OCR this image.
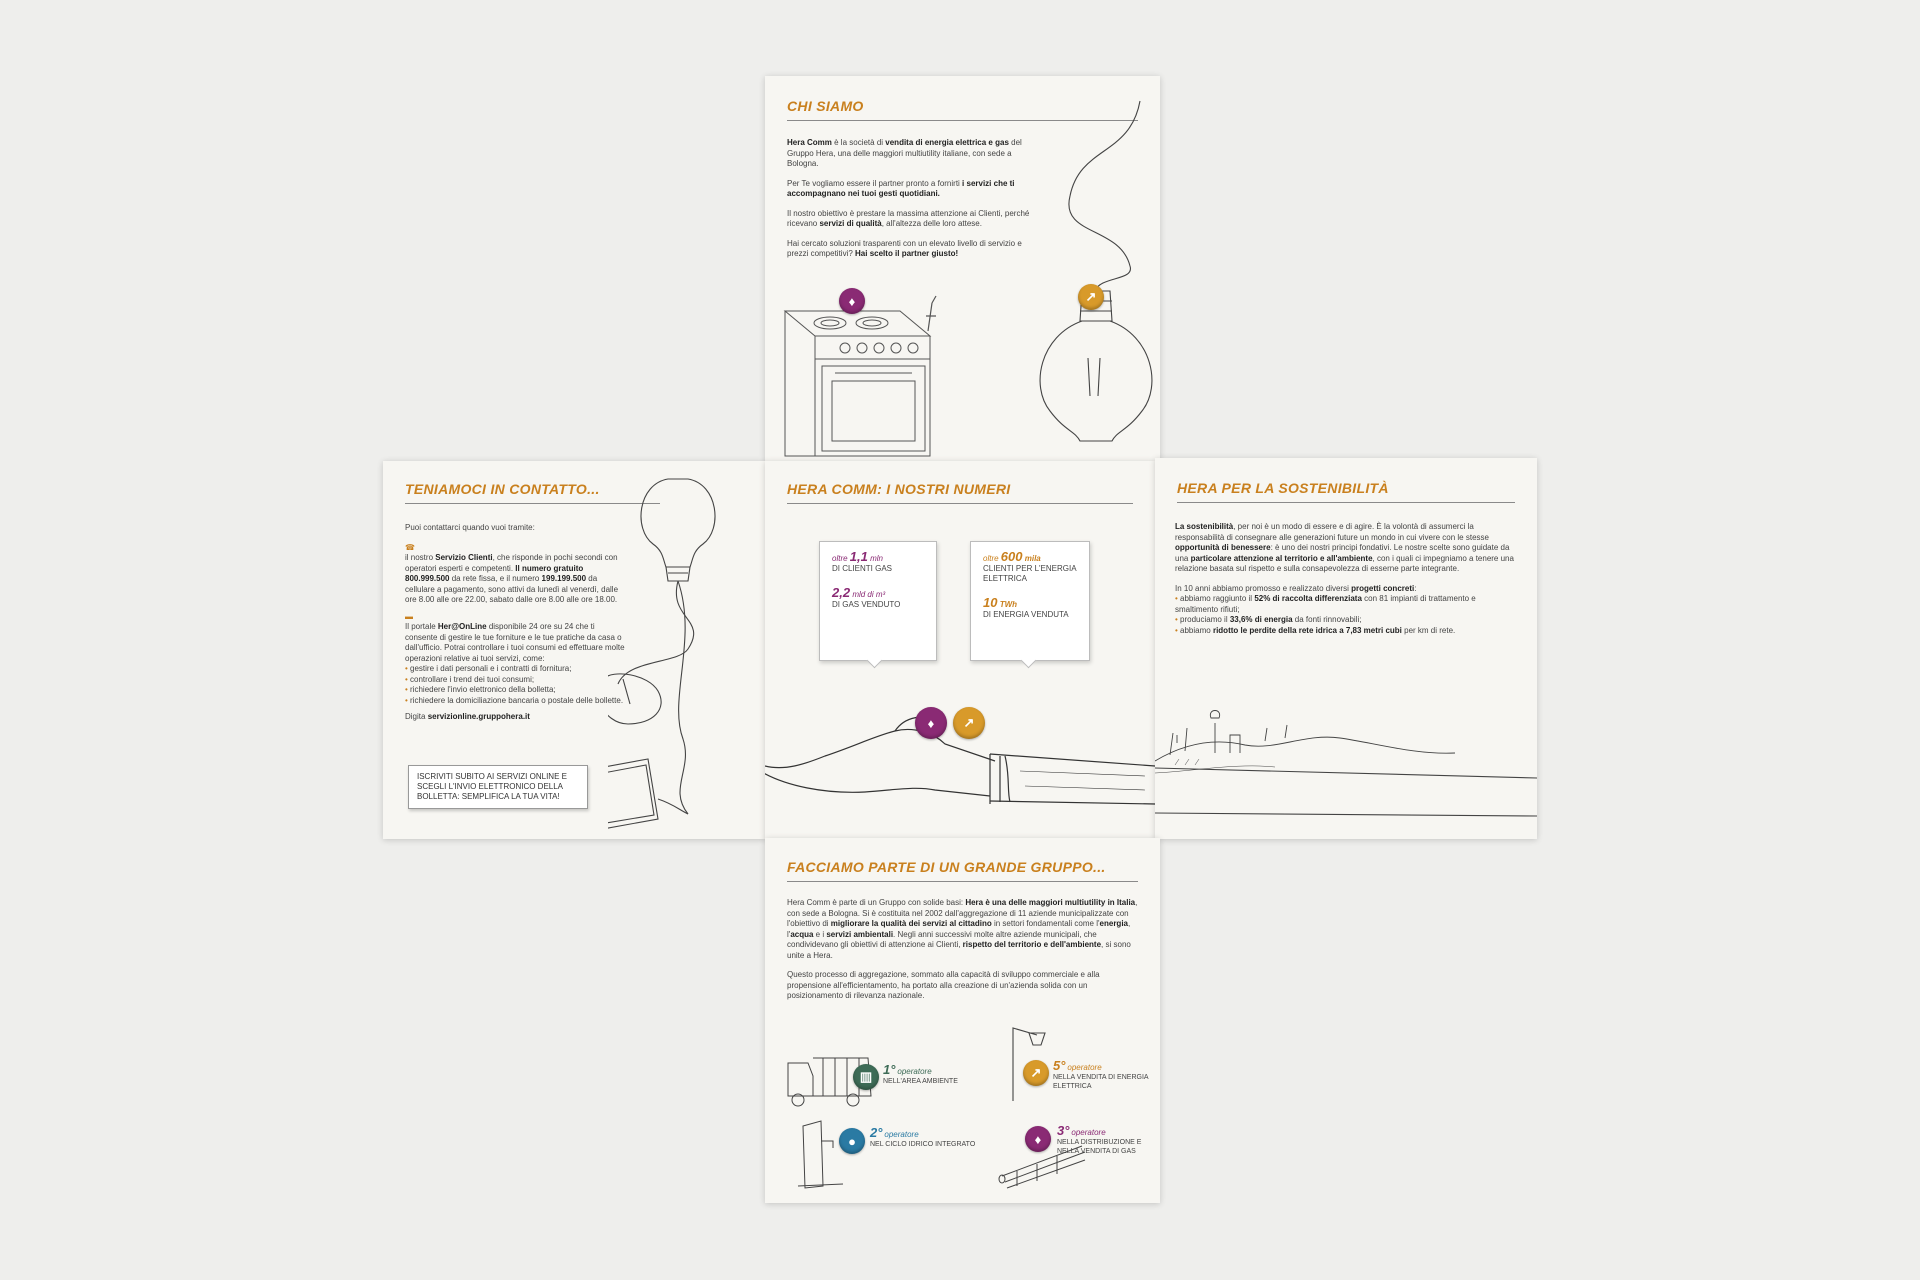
CHI SIAMO

Hera Comm è la società di vendita di energia elettrica e gas del Gruppo Hera, una delle maggiori multiutility italiane, con sede a Bologna.

Per Te vogliamo essere il partner pronto a fornirti i servizi che ti accompagnano nei tuoi gesti quotidiani.

Il nostro obiettivo è prestare la massima attenzione ai Clienti, perché ricevano servizi di qualità, all'altezza delle loro attese.

Hai cercato soluzioni trasparenti con un elevato livello di servizio e prezzi competitivi? Hai scelto il partner giusto!

♦	↗
TENIAMOCI IN CONTATTO...

Puoi contattarci quando vuoi tramite:

☎
il nostro Servizio Clienti, che risponde in pochi secondi con operatori esperti e competenti. Il numero gratuito 800.999.500 da rete fissa, e il numero 199.199.500 da cellulare a pagamento, sono attivi da lunedì al venerdì, dalle ore 8.00 alle ore 22.00, sabato dalle ore 8.00 alle ore 18.00.

▬
Il portale Her@OnLine disponibile 24 ore su 24 che ti consente di gestire le tue forniture e le tue pratiche da casa o dall'ufficio. Potrai controllare i tuoi consumi ed effettuare molte operazioni relative ai tuoi servizi, come:

• gestire i dati personali e i contratti di fornitura;
• controllare i trend dei tuoi consumi;
• richiedere l'invio elettronico della bolletta;
• richiedere la domiciliazione bancaria o postale delle bollette.

Digita servizionline.gruppohera.it

ISCRIVITI SUBITO AI SERVIZI ONLINE E SCEGLI L'INVIO ELETTRONICO DELLA BOLLETTA: SEMPLIFICA LA TUA VITA!
HERA COMM: I NOSTRI NUMERI
oltre 1,1 mln
DI CLIENTI GAS
2,2 mld di m³
DI GAS VENDUTO
oltre 600 mila
CLIENTI PER L'ENERGIA ELETTRICA
10 TWh
DI ENERGIA VENDUTA
♦	↗
HERA PER LA SOSTENIBILITÀ

La sostenibilità, per noi è un modo di essere e di agire. È la volontà di assumerci la responsabilità di consegnare alle generazioni future un mondo in cui vivere con le stesse opportunità di benessere: è uno dei nostri principi fondativi. Le nostre scelte sono guidate da una particolare attenzione al territorio e all'ambiente, con i quali ci impegniamo a tenere una relazione basata sul rispetto e sulla consapevolezza di esserne parte integrante.

In 10 anni abbiamo promosso e realizzato diversi progetti concreti:

• abbiamo raggiunto il 52% di raccolta differenziata con 81 impianti di trattamento e smaltimento rifiuti;
• produciamo il 33,6% di energia da fonti rinnovabili;
• abbiamo ridotto le perdite della rete idrica a 7,83 metri cubi per km di rete.
FACCIAMO PARTE DI UN GRANDE GRUPPO...

Hera Comm è parte di un Gruppo con solide basi: Hera è una delle maggiori multiutility in Italia, con sede a Bologna. Si è costituita nel 2002 dall'aggregazione di 11 aziende municipalizzate con l'obiettivo di migliorare la qualità dei servizi al cittadino in settori fondamentali come l'energia, l'acqua e i servizi ambientali. Negli anni successivi molte altre aziende municipali, che condividevano gli obiettivi di attenzione ai Clienti, rispetto del territorio e dell'ambiente, si sono unite a Hera.

Questo processo di aggregazione, sommato alla capacità di sviluppo commerciale e alla propensione all'efficientamento, ha portato alla creazione di un'azienda solida con un posizionamento di rilevanza nazionale.

▥ 1° operatore
NELL'AREA AMBIENTE
↗ 5° operatore
NELLA VENDITA DI ENERGIA ELETTRICA
●
2° operatore
NEL CICLO IDRICO INTEGRATO	♦
3° operatore
NELLA DISTRIBUZIONE E NELLA VENDITA DI GAS
